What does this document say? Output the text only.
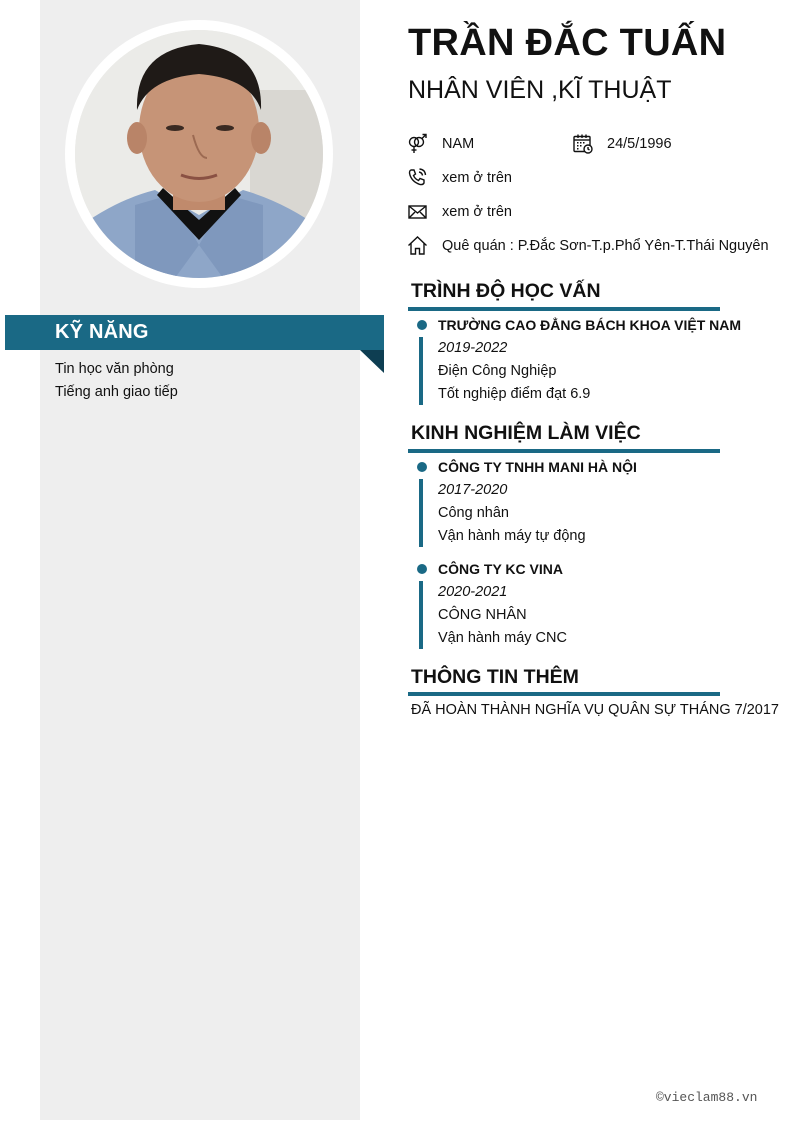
KỸ NĂNG
Tin học văn phòng
Tiếng anh giao tiếp
TRẦN ĐẮC TUẤN
NHÂN VIÊN ,KĨ THUẬT
NAM	24/5/1996
xem ở trên
xem ở trên
Quê quán : P.Đắc Sơn-T.p.Phổ Yên-T.Thái Nguyên
TRÌNH ĐỘ HỌC VẤN
TRƯỜNG CAO ĐẲNG BÁCH KHOA VIỆT NAM
2019-2022
Điện Công Nghiệp
Tốt nghiệp điểm đạt 6.9
KINH NGHIỆM LÀM VIỆC
CÔNG TY TNHH MANI HÀ NỘI
2017-2020
Công nhân
Vận hành máy tự động
CÔNG TY KC VINA
2020-2021
CÔNG NHÂN
Vận hành máy CNC
THÔNG TIN THÊM
ĐÃ HOÀN THÀNH NGHĨA VỤ QUÂN SỰ THÁNG 7/2017
©vieclam88.vn
